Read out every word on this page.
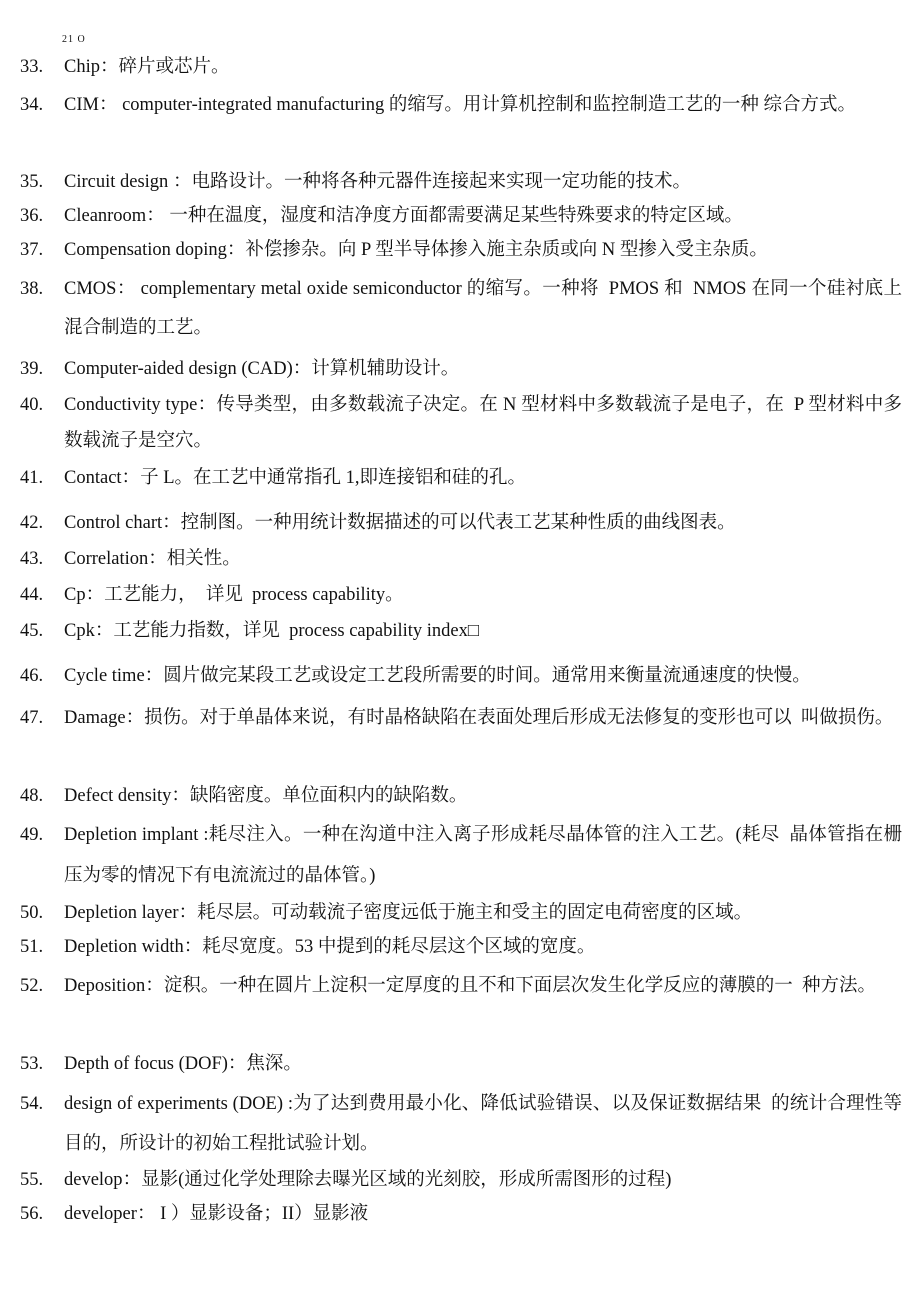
21 O
33. Chip：碎片或芯片。
34. CIM： computer-integrated manufacturing 的缩写。用计算机控制和监控制造工艺的一种 综合方式。
35. Circuit design ：电路设计。一种将各种元器件连接起来实现一定功能的技术。
36. Cleanroom： 一种在温度，湿度和洁净度方面都需要满足某些特殊要求的特定区域。
37. Compensation doping：补偿掺杂。向 P 型半导体掺入施主杂质或向 N 型掺入受主杂质。
38. CMOS： complementary metal oxide semiconductor 的缩写。一种将  PMOS 和  NMOS 在同一个硅衬底上混合制造的工艺。
39. Computer-aided design (CAD)：计算机辅助设计。
40. Conductivity type：传导类型，由多数载流子决定。在 N 型材料中多数载流子是电子，在  P 型材料中多数载流子是空穴。
41. Contact：子 L。在工艺中通常指孔 1,即连接铝和硅的孔。
42. Control chart：控制图。一种用统计数据描述的可以代表工艺某种性质的曲线图表。
43. Correlation：相关性。
44. Cp：工艺能力，  详见  process capability。
45. Cpk：工艺能力指数，详见  process capability index□
46. Cycle time：圆片做完某段工艺或设定工艺段所需要的时间。通常用来衡量流通速度的快慢。
47. Damage：损伤。对于单晶体来说，有时晶格缺陷在表面处理后形成无法修复的变形也可以  叫做损伤。
48. Defect density：缺陷密度。单位面积内的缺陷数。
49. Depletion implant :耗尽注入。一种在沟道中注入离子形成耗尽晶体管的注入工艺。(耗尽  晶体管指在栅压为零的情况下有电流流过的晶体管。)
50. Depletion layer：耗尽层。可动载流子密度远低于施主和受主的固定电荷密度的区域。
51. Depletion width：耗尽宽度。53 中提到的耗尽层这个区域的宽度。
52. Deposition：淀积。一种在圆片上淀积一定厚度的且不和下面层次发生化学反应的薄膜的一  种方法。
53. Depth of focus (DOF)：焦深。
54. design of experiments (DOE) :为了达到费用最小化、降低试验错误、以及保证数据结果  的统计合理性等目的，所设计的初始工程批试验计划。
55. develop：显影(通过化学处理除去曝光区域的光刻胶，形成所需图形的过程)
56. developer： I ）显影设备；II）显影液
